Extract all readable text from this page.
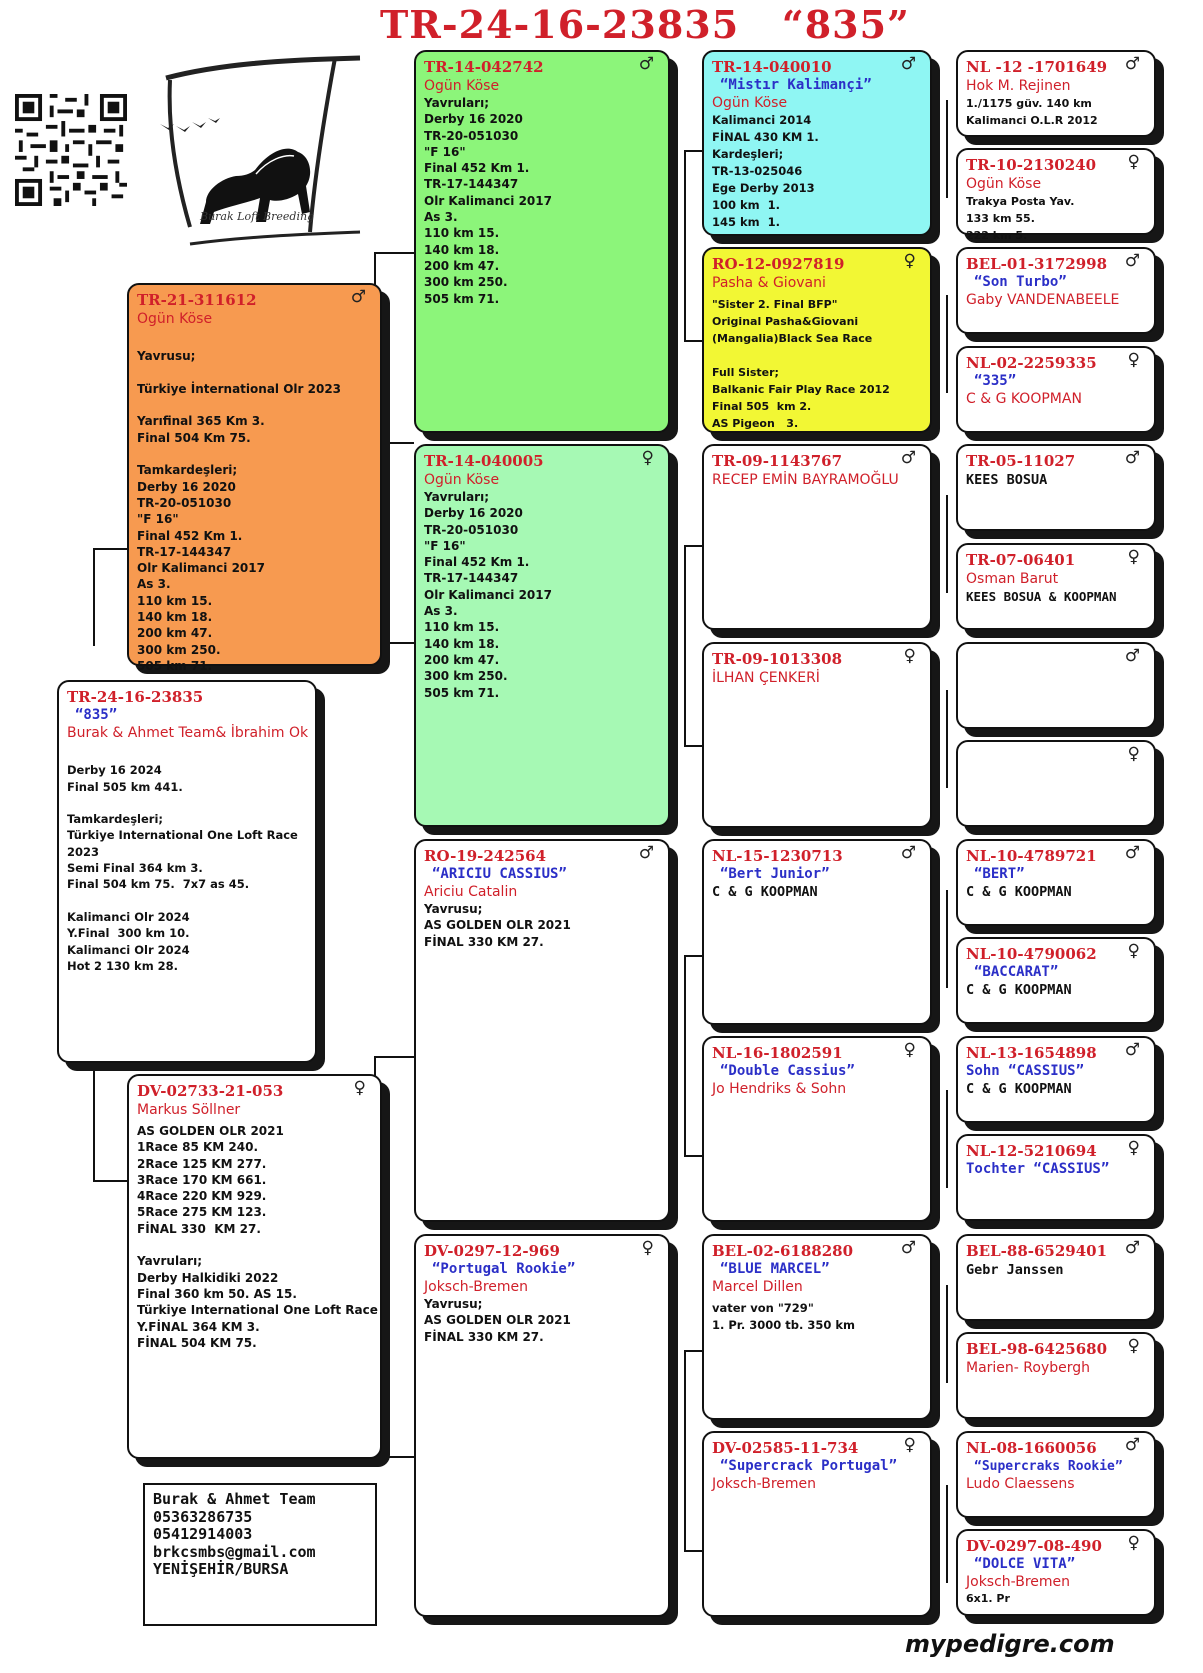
TR-24-16-23835 “835”
Burak Loft Breeding
TR-24-16-23835
“835”
Burak & Ahmet Team& İbrahim Ok

Derby 16 2024
Final 505 km 441.

Tamkardeşleri;
Türkiye International One Loft Race
2023
Semi Final 364 km 3.
Final 504 km 75.  7x7 as 45.

Kalimanci Olr 2024
Y.Final  300 km 10.
Kalimanci Olr 2024
Hot 2 130 km 28.
♂
TR-21-311612
Ogün Köse

Yavrusu;

Türkiye İnternational Olr 2023

Yarıfinal 365 Km 3.
Final 504 Km 75.

Tamkardeşleri;
Derby 16 2020
TR-20-051030
"F 16"
Final 452 Km 1.
TR-17-144347
Olr Kalimanci 2017
As 3.
110 km 15.
140 km 18.
200 km 47.
300 km 250.
505 km 71.
♀
DV-02733-21-053
Markus Söllner
AS GOLDEN OLR 2021
1Race 85 KM 240.
2Race 125 KM 277.
3Race 170 KM 661.
4Race 220 KM 929.
5Race 275 KM 123.
FİNAL 330  KM 27.

Yavruları;
Derby Halkidiki 2022
Final 360 km 50. AS 15.
Türkiye International One Loft Race
Y.FİNAL 364 KM 3.
FİNAL 504 KM 75.
♂
TR-14-042742
Ogün Köse
Yavruları;
Derby 16 2020
TR-20-051030
"F 16"
Final 452 Km 1.
TR-17-144347
Olr Kalimanci 2017
As 3.
110 km 15.
140 km 18.
200 km 47.
300 km 250.
505 km 71.
♀
TR-14-040005
Ogün Köse
Yavruları;
Derby 16 2020
TR-20-051030
"F 16"
Final 452 Km 1.
TR-17-144347
Olr Kalimanci 2017
As 3.
110 km 15.
140 km 18.
200 km 47.
300 km 250.
505 km 71.
♂
RO-19-242564
“ARICIU CASSIUS”
Ariciu Catalin
Yavrusu;
AS GOLDEN OLR 2021
FİNAL 330 KM 27.
♀
DV-0297-12-969
“Portugal Rookie”
Joksch-Bremen
Yavrusu;
AS GOLDEN OLR 2021
FİNAL 330 KM 27.
♂
TR-14-040010
“Mistır Kalimançi”
Ogün Köse
Kalimanci 2014
FİNAL 430 KM 1.
Kardeşleri;
TR-13-025046
Ege Derby 2013
100 km  1.
145 km  1.
♀
RO-12-0927819
Pasha & Giovani
"Sister 2. Final BFP"
Original Pasha&Giovani
(Mangalia)Black Sea Race

Full Sister;
Balkanic Fair Play Race 2012
Final 505  km 2.
AS Pigeon   3.
♂
TR-09-1143767
RECEP EMİN BAYRAMOĞLU
♀
TR-09-1013308
İLHAN ÇENKERİ
♂
NL-15-1230713
“Bert Junior”
C & G KOOPMAN
♀
NL-16-1802591
“Double Cassius”
Jo Hendriks & Sohn
♂
BEL-02-6188280
“BLUE MARCEL”
Marcel Dillen
vater von "729"
1. Pr. 3000 tb. 350 km
♀
DV-02585-11-734
“Supercrack Portugal”
Joksch-Bremen
♂
NL -12 -1701649
Hok M. Rejinen
1./1175 güv. 140 km
Kalimanci O.L.R 2012
♀
TR-10-2130240
Ogün Köse
Trakya Posta Yav.
133 km 55.
222 km 5.
♂
BEL-01-3172998
“Son Turbo”
Gaby VANDENABEELE
♀
NL-02-2259335
“335”
C & G KOOPMAN
♂
TR-05-11027
KEES BOSUA
♀
TR-07-06401
Osman Barut
KEES BOSUA & KOOPMAN
♂
♀
♂
NL-10-4789721
“BERT”
C & G KOOPMAN
♀
NL-10-4790062
“BACCARAT”
C & G KOOPMAN
♂
NL-13-1654898
Sohn “CASSIUS”
C & G KOOPMAN
♀
NL-12-5210694
Tochter “CASSIUS”
♂
BEL-88-6529401
Gebr Janssen
♀
BEL-98-6425680
Marien- Roybergh
♂
NL-08-1660056
“Supercraks Rookie”
Ludo Claessens
♀
DV-0297-08-490
“DOLCE VITA”
Joksch-Bremen
6x1. Pr
Burak & Ahmet Team
05363286735
05412914003
brkcsmbs@gmail.com
YENİŞEHİR/BURSA
mypedigre.com
